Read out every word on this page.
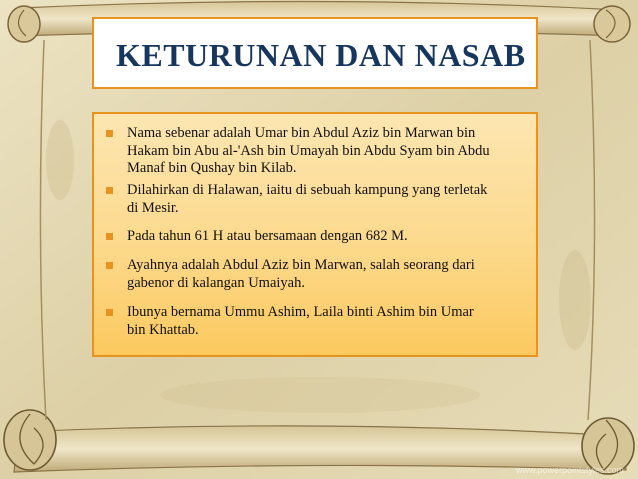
KETURUNAN DAN NASAB
Nama sebenar adalah Umar bin Abdul Aziz bin Marwan bin
Hakam bin Abu al-'Ash bin Umayah bin Abdu Syam bin Abdu
Manaf bin Qushay bin Kilab.
Dilahirkan di Halawan, iaitu di sebuah kampung yang terletak
di Mesir.
Pada tahun 61 H atau bersamaan dengan 682 M.
Ayahnya adalah Abdul Aziz bin Marwan, salah seorang dari
gabenor di kalangan Umaiyah.
Ibunya bernama Ummu Ashim, Laila binti Ashim bin Umar
bin Khattab.
www.powerpointstyles.com
